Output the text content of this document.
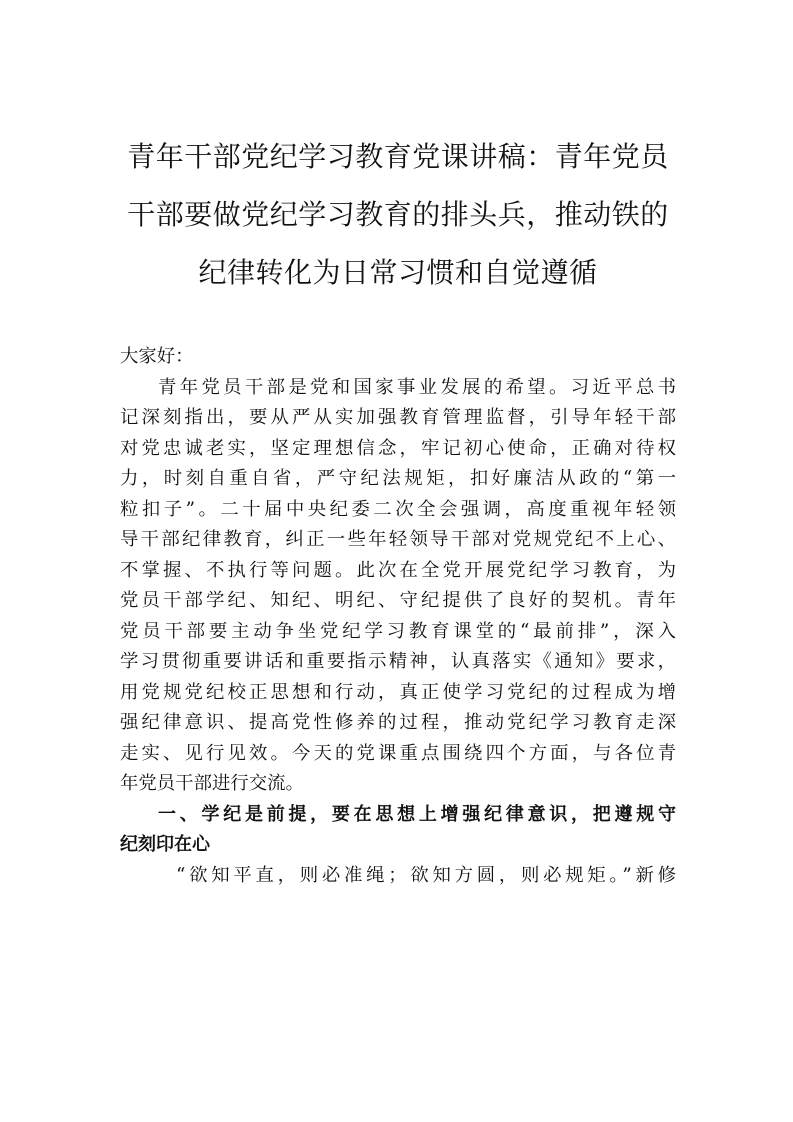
青年干部党纪学习教育党课讲稿：青年党员
干部要做党纪学习教育的排头兵，推动铁的
纪律转化为日常习惯和自觉遵循
大家好：
青年党员干部是党和国家事业发展的希望。习近平总书
记深刻指出，要从严从实加强教育管理监督，引导年轻干部
对党忠诚老实，坚定理想信念，牢记初心使命，正确对待权
力，时刻自重自省，严守纪法规矩，扣好廉洁从政的“第一
粒扣子”。二十届中央纪委二次全会强调，高度重视年轻领
导干部纪律教育，纠正一些年轻领导干部对党规党纪不上心、
不掌握、不执行等问题。此次在全党开展党纪学习教育，为
党员干部学纪、知纪、明纪、守纪提供了良好的契机。青年
党员干部要主动争坐党纪学习教育课堂的“最前排”，深入
学习贯彻重要讲话和重要指示精神，认真落实《通知》要求，
用党规党纪校正思想和行动，真正使学习党纪的过程成为增
强纪律意识、提高党性修养的过程，推动党纪学习教育走深
走实、见行见效。今天的党课重点围绕四个方面，与各位青
年党员干部进行交流。
一、学纪是前提，要在思想上增强纪律意识，把遵规守
纪刻印在心
“欲知平直，则必准绳；欲知方圆，则必规矩。”新修
